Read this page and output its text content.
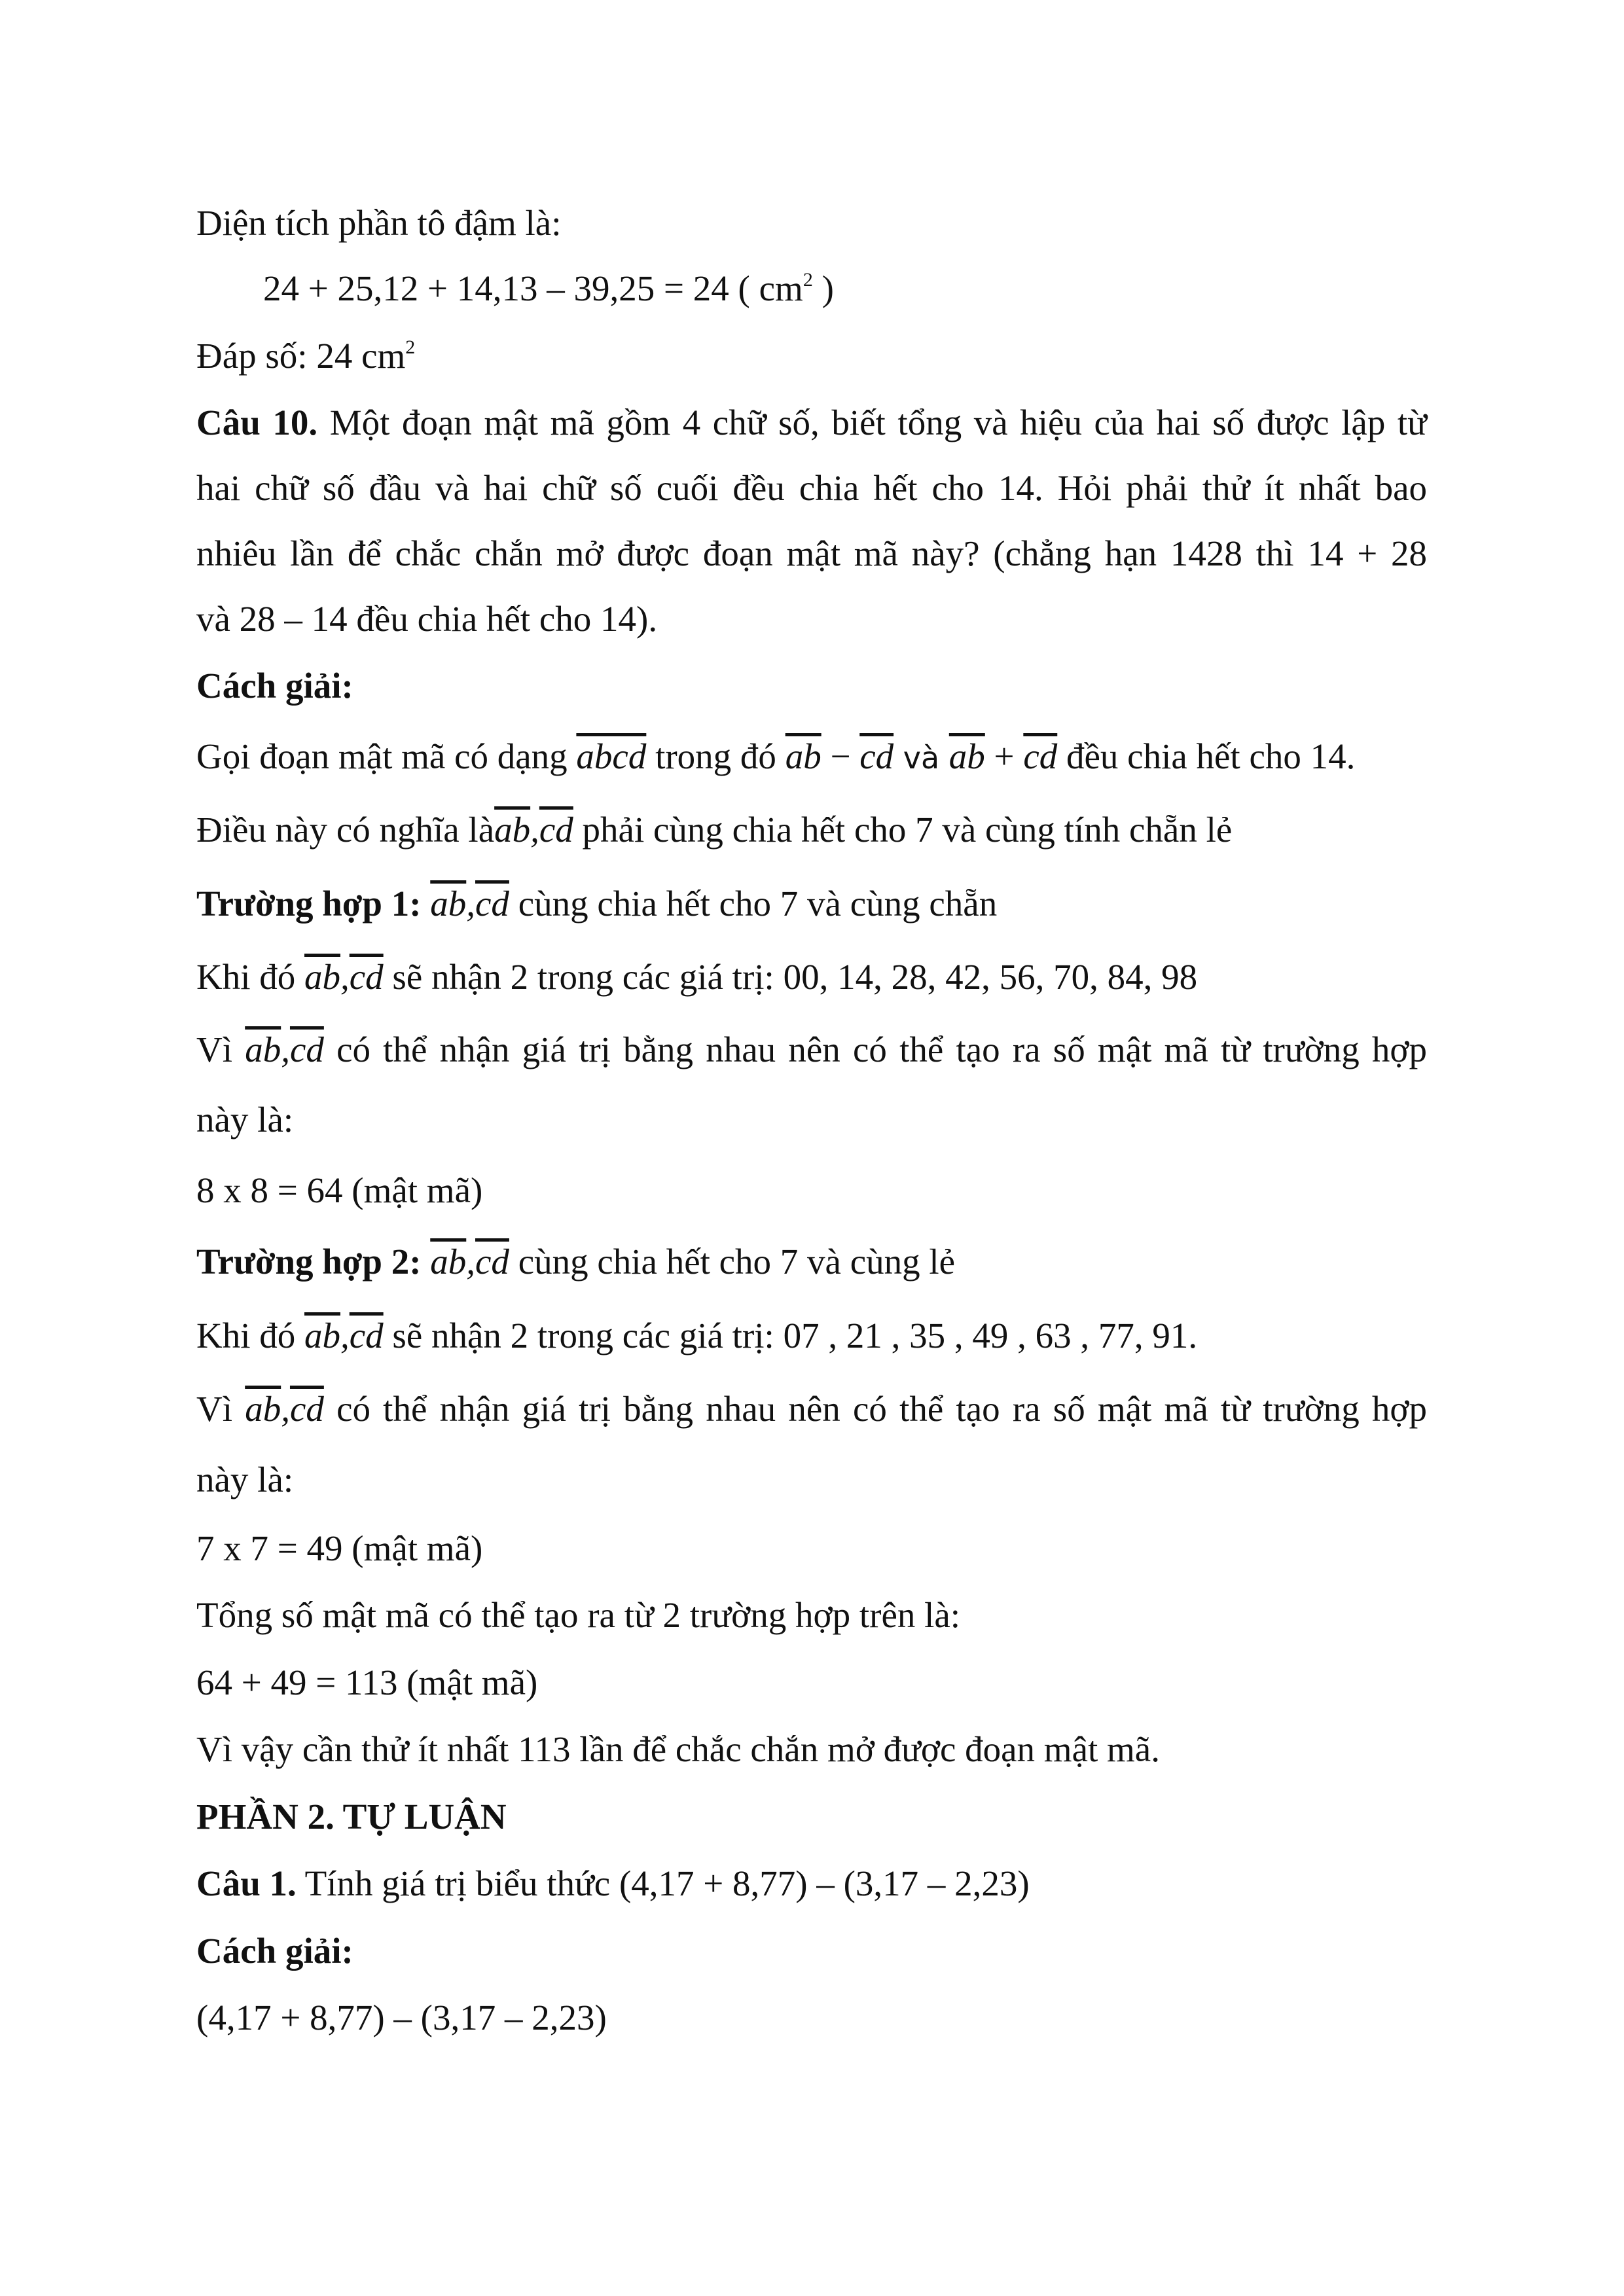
Diện tích phần tô đậm là:
24 + 25,12 + 14,13 – 39,25 = 24 ( $cm^2$ )
Đáp số: 24 $cm^2$
Câu 10. Một đoạn mật mã gồm 4 chữ số, biết tổng và hiệu của hai số được lập từ
hai chữ số đầu và hai chữ số cuối đều chia hết cho 14. Hỏi phải thử ít nhất bao
nhiêu lần để chắc chắn mở được đoạn mật mã này? (chẳng hạn 1428 thì 14 + 28
và 28 – 14 đều chia hết cho 14).
Cách giải:
Gọi đoạn mật mã có dạng abcd trong đó $\overline{ab} - \overline{cd}$ và $\overline{ab} + \overline{cd}$ đều chia hết cho 14.
Điều này có nghĩa $là\overline{ab},\overline{cd}$ phải cùng chia hết cho 7 và cùng tính chẵn lẻ
Trường hợp 1: $\overline{ab},\overline{cd}$ cùng chia hết cho 7 và cùng chẵn
Khi đó $\overline{ab},\overline{cd}$ sẽ nhận 2 trong các giá trị: 00, 14, 28, 42, 56, 70, 84, 98
Vì $\overline{ab},\overline{cd}$ có thể nhận giá trị bằng nhau nên có thể tạo ra số mật mã từ trường hợp
này là:
8 x 8 = 64 (mật mã)
Trường hợp 2: $\overline{ab},\overline{cd}$ cùng chia hết cho 7 và cùng lẻ
Khi đó $\overline{ab},\overline{cd}$ sẽ nhận 2 trong các giá trị: 07 , 21 , 35 , 49 , 63 , 77, 91.
Vì $\overline{ab},\overline{cd}$ có thể nhận giá trị bằng nhau nên có thể tạo ra số mật mã từ trường hợp
này là:
7 x 7 = 49 (mật mã)
Tổng số mật mã có thể tạo ra từ 2 trường hợp trên là:
64 + 49 = 113 (mật mã)
Vì vậy cần thử ít nhất 113 lần để chắc chắn mở được đoạn mật mã.
PHẦN 2. TỰ LUẬN
Câu 1. Tính giá trị biểu thức (4,17 + 8,77) – (3,17 – 2,23)
Cách giải:
(4,17 + 8,77) – (3,17 – 2,23)
